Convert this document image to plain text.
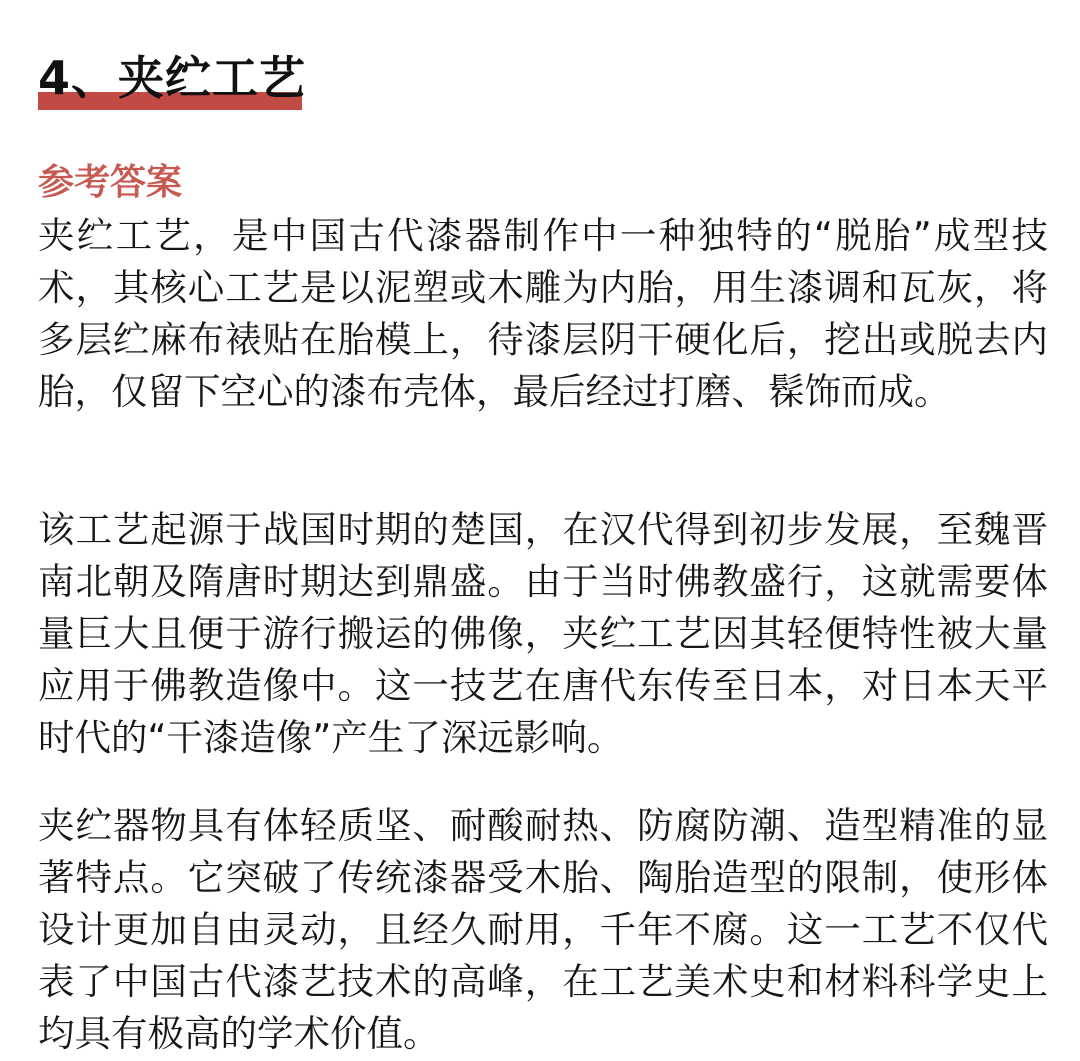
4、夹纻工艺
参考答案

夹纻工艺，是中国古代漆器制作中一种独特的“脱胎”成型技术，其核心工艺是以泥塑或木雕为内胎，用生漆调和瓦灰，将多层纻麻布裱贴在胎模上，待漆层阴干硬化后，挖出或脱去内胎，仅留下空心的漆布壳体，最后经过打磨、髹饰而成。

该工艺起源于战国时期的楚国，在汉代得到初步发展，至魏晋南北朝及隋唐时期达到鼎盛。由于当时佛教盛行，这就需要体量巨大且便于游行搬运的佛像，夹纻工艺因其轻便特性被大量应用于佛教造像中。这一技艺在唐代东传至日本，对日本天平时代的“干漆造像”产生了深远影响。

夹纻器物具有体轻质坚、耐酸耐热、防腐防潮、造型精准的显著特点。它突破了传统漆器受木胎、陶胎造型的限制，使形体设计更加自由灵动，且经久耐用，千年不腐。这一工艺不仅代表了中国古代漆艺技术的高峰，在工艺美术史和材料科学史上均具有极高的学术价值。
